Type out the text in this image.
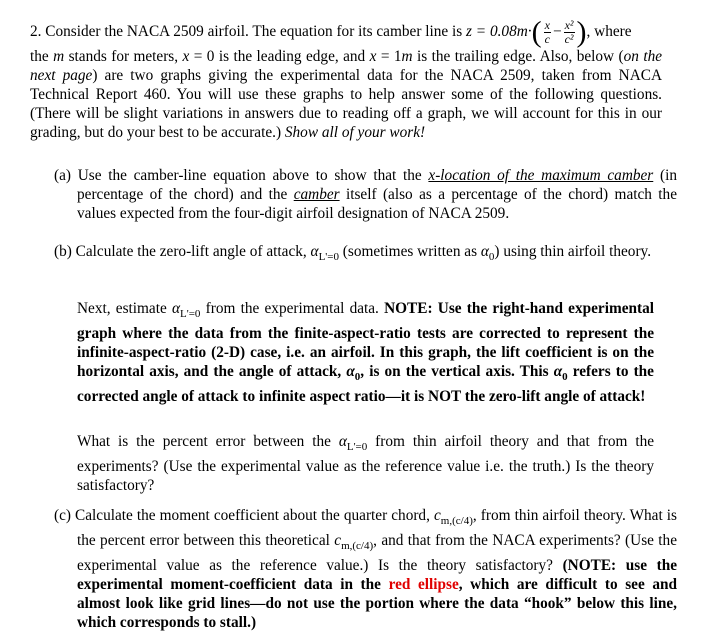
2. Consider the NACA 2509 airfoil. The equation for its camber line is $z = 0.08m\cdot( \frac{x}{c} - \frac{\text{x²}}{\text{c²}}$ ), where

the m stands for meters, x = 0 is the leading edge, and x = 1m is the trailing edge. Also, below (on the next page) are two graphs giving the experimental data for the NACA 2509, taken from NACA Technical Report 460. You will use these graphs to help answer some of the following questions. (There will be slight variations in answers due to reading off a graph, we will account for this in our grading, but do your best to be accurate.) Show all of your work!

(a) Use the camber-line equation above to show that the x-location of the maximum camber (in percentage of the chord) and the camber itself (also as a percentage of the chord) match the values expected from the four-digit airfoil designation of NACA 2509.
(b) Calculate the zero-lift angle of attack, $\alpha_{L'=0}$ (sometimes written as $\alpha_0$) using thin airfoil theory.
Next, estimate $\alpha_{L'=0}$ from the experimental data. NOTE: Use the right-hand experimental graph where the data from the finite-aspect-ratio tests are corrected to represent the infinite-aspect-ratio (2-D) case, i.e. an airfoil. In this graph, the lift coefficient is on the horizontal axis, and the angle of attack, $\alpha_0$, is on the vertical axis. This $\alpha_0$ refers to the corrected angle of attack to infinite aspect ratio—it is NOT the zero-lift angle of attack!
What is the percent error between the $\alpha_{L'=0}$ from thin airfoil theory and that from the experiments? (Use the experimental value as the reference value i.e. the truth.) Is the theory satisfactory?
(c) Calculate the moment coefficient about the quarter chord, $c_{m,(c/4)}$, from thin airfoil theory. What is the percent error between this theoretical $c_{m,(c/4)}$, and that from the NACA experiments? (Use the experimental value as the reference value.) Is the theory satisfactory? (NOTE: use the experimental moment-coefficient data in the red ellipse, which are difficult to see and almost look like grid lines—do not use the portion where the data “hook” below this line, which corresponds to stall.)
